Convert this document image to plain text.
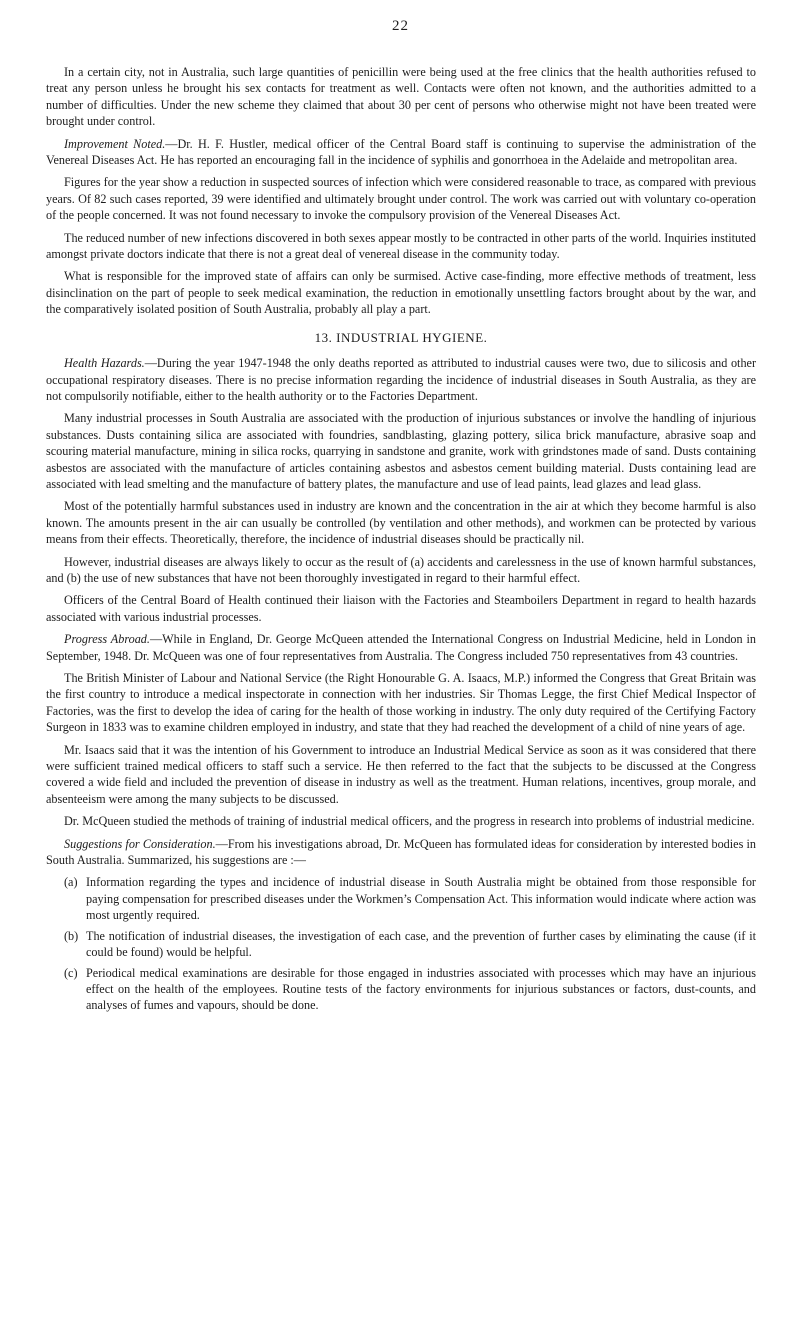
22

In a certain city, not in Australia, such large quantities of penicillin were being used at the free clinics that the health authorities refused to treat any person unless he brought his sex contacts for treatment as well. Contacts were often not known, and the authorities admitted to a number of difficulties. Under the new scheme they claimed that about 30 per cent of persons who otherwise might not have been treated were brought under control.

Improvement Noted.—Dr. H. F. Hustler, medical officer of the Central Board staff is continuing to supervise the administration of the Venereal Diseases Act. He has reported an encouraging fall in the incidence of syphilis and gonorrhoea in the Adelaide and metropolitan area.

Figures for the year show a reduction in suspected sources of infection which were considered reasonable to trace, as compared with previous years. Of 82 such cases reported, 39 were identified and ultimately brought under control. The work was carried out with voluntary co-operation of the people concerned. It was not found necessary to invoke the compulsory provision of the Venereal Diseases Act.

The reduced number of new infections discovered in both sexes appear mostly to be contracted in other parts of the world. Inquiries instituted amongst private doctors indicate that there is not a great deal of venereal disease in the community today.

What is responsible for the improved state of affairs can only be surmised. Active case-finding, more effective methods of treatment, less disinclination on the part of people to seek medical examination, the reduction in emotionally unsettling factors brought about by the war, and the comparatively isolated position of South Australia, probably all play a part.

13. INDUSTRIAL HYGIENE.

Health Hazards.—During the year 1947-1948 the only deaths reported as attributed to industrial causes were two, due to silicosis and other occupational respiratory diseases. There is no precise information regarding the incidence of industrial diseases in South Australia, as they are not compulsorily notifiable, either to the health authority or to the Factories Department.

Many industrial processes in South Australia are associated with the production of injurious substances or involve the handling of injurious substances. Dusts containing silica are associated with foundries, sandblasting, glazing pottery, silica brick manufacture, abrasive soap and scouring material manufacture, mining in silica rocks, quarrying in sandstone and granite, work with grindstones made of sand. Dusts containing asbestos are associated with the manufacture of articles containing asbestos and asbestos cement building material. Dusts containing lead are associated with lead smelting and the manufacture of battery plates, the manufacture and use of lead paints, lead glazes and lead glass.

Most of the potentially harmful substances used in industry are known and the concentration in the air at which they become harmful is also known. The amounts present in the air can usually be controlled (by ventilation and other methods), and workmen can be protected by various means from their effects. Theoretically, therefore, the incidence of industrial diseases should be practically nil.

However, industrial diseases are always likely to occur as the result of (a) accidents and carelessness in the use of known harmful substances, and (b) the use of new substances that have not been thoroughly investigated in regard to their harmful effect.

Officers of the Central Board of Health continued their liaison with the Factories and Steamboilers Department in regard to health hazards associated with various industrial processes.

Progress Abroad.—While in England, Dr. George McQueen attended the International Congress on Industrial Medicine, held in London in September, 1948. Dr. McQueen was one of four representatives from Australia. The Congress included 750 representatives from 43 countries.

The British Minister of Labour and National Service (the Right Honourable G. A. Isaacs, M.P.) informed the Congress that Great Britain was the first country to introduce a medical inspectorate in connection with her industries. Sir Thomas Legge, the first Chief Medical Inspector of Factories, was the first to develop the idea of caring for the health of those working in industry. The only duty required of the Certifying Factory Surgeon in 1833 was to examine children employed in industry, and state that they had reached the development of a child of nine years of age.

Mr. Isaacs said that it was the intention of his Government to introduce an Industrial Medical Service as soon as it was considered that there were sufficient trained medical officers to staff such a service. He then referred to the fact that the subjects to be discussed at the Congress covered a wide field and included the prevention of disease in industry as well as the treatment. Human relations, incentives, group morale, and absenteeism were among the many subjects to be discussed.

Dr. McQueen studied the methods of training of industrial medical officers, and the progress in research into problems of industrial medicine.

Suggestions for Consideration.—From his investigations abroad, Dr. McQueen has formulated ideas for consideration by interested bodies in South Australia. Summarized, his suggestions are :—

(a) Information regarding the types and incidence of industrial disease in South Australia might be obtained from those responsible for paying compensation for prescribed diseases under the Workmen’s Compensation Act. This information would indicate where action was most urgently required.
(b) The notification of industrial diseases, the investigation of each case, and the prevention of further cases by eliminating the cause (if it could be found) would be helpful.
(c) Periodical medical examinations are desirable for those engaged in industries associated with processes which may have an injurious effect on the health of the employees. Routine tests of the factory environments for injurious substances or factors, dust-counts, and analyses of fumes and vapours, should be done.
